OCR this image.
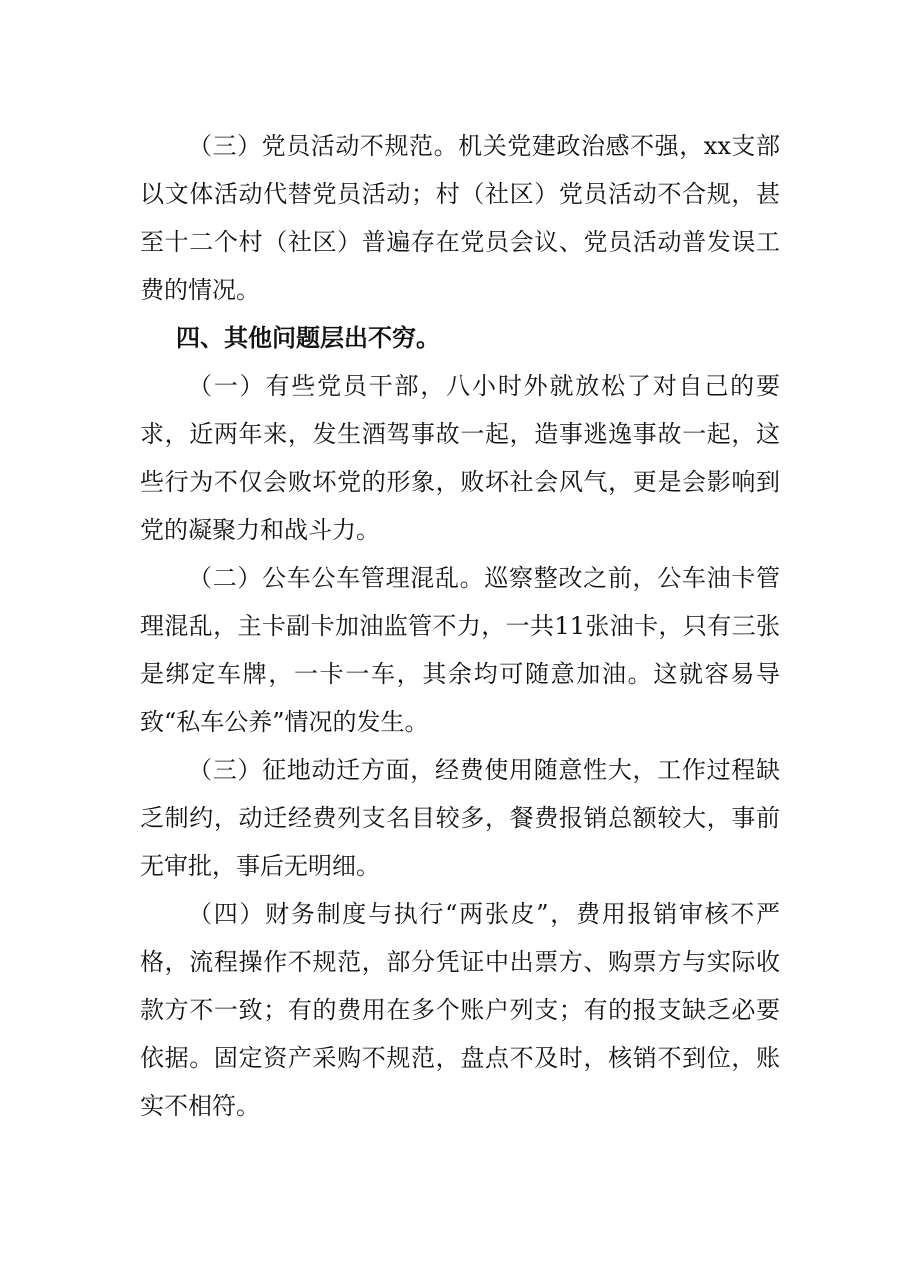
（三）党员活动不规范。机关党建政治感不强，xx支部以文体活动代替党员活动；村（社区）党员活动不合规，甚至十二个村（社区）普遍存在党员会议、党员活动普发误工费的情况。

四、其他问题层出不穷。

（一）有些党员干部，八小时外就放松了对自己的要求，近两年来，发生酒驾事故一起，造事逃逸事故一起，这些行为不仅会败坏党的形象，败坏社会风气，更是会影响到党的凝聚力和战斗力。

（二）公车公车管理混乱。巡察整改之前，公车油卡管理混乱，主卡副卡加油监管不力，一共11张油卡，只有三张是绑定车牌，一卡一车，其余均可随意加油。这就容易导致“私车公养”情况的发生。

（三）征地动迁方面，经费使用随意性大，工作过程缺乏制约，动迁经费列支名目较多，餐费报销总额较大，事前无审批，事后无明细。

（四）财务制度与执行“两张皮”，费用报销审核不严格，流程操作不规范，部分凭证中出票方、购票方与实际收款方不一致；有的费用在多个账户列支；有的报支缺乏必要依据。固定资产采购不规范，盘点不及时，核销不到位，账实不相符。
